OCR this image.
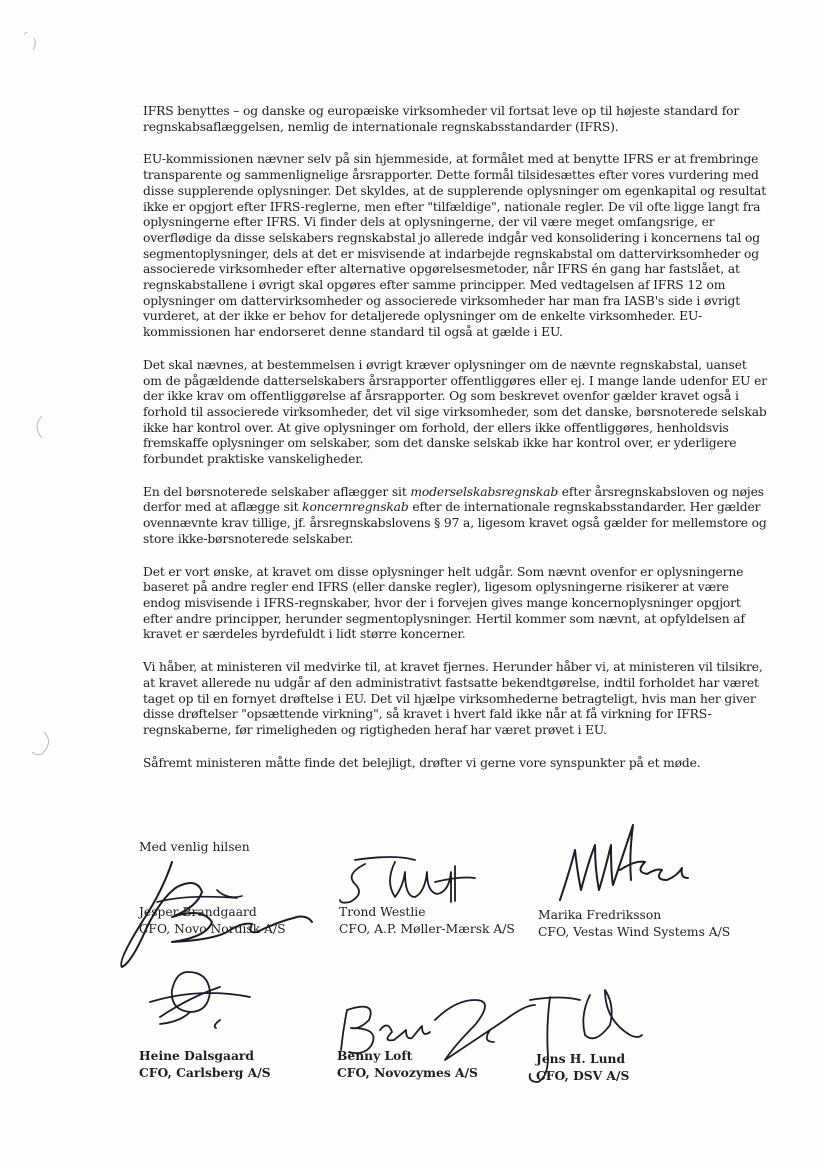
IFRS benyttes – og danske og europæiske virksomheder vil fortsat leve op til højeste standard for regnskabsaflæggelsen, nemlig de internationale regnskabsstandarder (IFRS).

EU-kommissionen nævner selv på sin hjemmeside, at formålet med at benytte IFRS er at frembringe transparente og sammenlignelige årsrapporter. Dette formål tilsidesættes efter vores vurdering med disse supplerende oplysninger. Det skyldes, at de supplerende oplysninger om egenkapital og resultat ikke er opgjort efter IFRS-reglerne, men efter "tilfældige", nationale regler. De vil ofte ligge langt fra oplysningerne efter IFRS. Vi finder dels at oplysningerne, der vil være meget omfangsrige, er overflødige da disse selskabers regnskabstal jo allerede indgår ved konsolidering i koncernens tal og segmentoplysninger, dels at det er misvisende at indarbejde regnskabstal om dattervirksomheder og associerede virksomheder efter alternative opgørelsesmetoder, når IFRS én gang har fastslået, at regnskabstallene i øvrigt skal opgøres efter samme principper. Med vedtagelsen af IFRS 12 om oplysninger om dattervirksomheder og associerede virksomheder har man fra IASB's side i øvrigt vurderet, at der ikke er behov for detaljerede oplysninger om de enkelte virksomheder. EU-kommissionen har endorseret denne standard til også at gælde i EU.

Det skal nævnes, at bestemmelsen i øvrigt kræver oplysninger om de nævnte regnskabstal, uanset om de pågældende datterselskabers årsrapporter offentliggøres eller ej. I mange lande udenfor EU er der ikke krav om offentliggørelse af årsrapporter. Og som beskrevet ovenfor gælder kravet også i forhold til associerede virksomheder, det vil sige virksomheder, som det danske, børsnoterede selskab ikke har kontrol over. At give oplysninger om forhold, der ellers ikke offentliggøres, henholdsvis fremskaffe oplysninger om selskaber, som det danske selskab ikke har kontrol over, er yderligere forbundet praktiske vanskeligheder.

En del børsnoterede selskaber aflægger sit moderselskabsregnskab efter årsregnskabsloven og nøjes derfor med at aflægge sit koncernregnskab efter de internationale regnskabsstandarder. Her gælder ovennævnte krav tillige, jf. årsregnskabslovens § 97 a, ligesom kravet også gælder for mellemstore og store ikke-børsnoterede selskaber.

Det er vort ønske, at kravet om disse oplysninger helt udgår. Som nævnt ovenfor er oplysningerne baseret på andre regler end IFRS (eller danske regler), ligesom oplysningerne risikerer at være endog misvisende i IFRS-regnskaber, hvor der i forvejen gives mange koncernoplysninger opgjort efter andre principper, herunder segmentoplysninger. Hertil kommer som nævnt, at opfyldelsen af kravet er særdeles byrdefuldt i lidt større koncerner.

Vi håber, at ministeren vil medvirke til, at kravet fjernes. Herunder håber vi, at ministeren vil tilsikre, at kravet allerede nu udgår af den administrativt fastsatte bekendtgørelse, indtil forholdet har været taget op til en fornyet drøftelse i EU. Det vil hjælpe virksomhederne betragteligt, hvis man her giver disse drøftelser "opsættende virkning", så kravet i hvert fald ikke når at få virkning for IFRS-regnskaberne, før rimeligheden og rigtigheden heraf har været prøvet i EU.

Såfremt ministeren måtte finde det belejligt, drøfter vi gerne vore synspunkter på et møde.

Med venlig hilsen
Jesper Brandgaard
CFO, Novo Nordisk A/S
Trond Westlie
CFO, A.P. Møller-Mærsk A/S
Marika Fredriksson
CFO, Vestas Wind Systems A/S
Heine Dalsgaard
CFO, Carlsberg A/S
Benny Loft
CFO, Novozymes A/S
Jens H. Lund
CFO, DSV A/S
